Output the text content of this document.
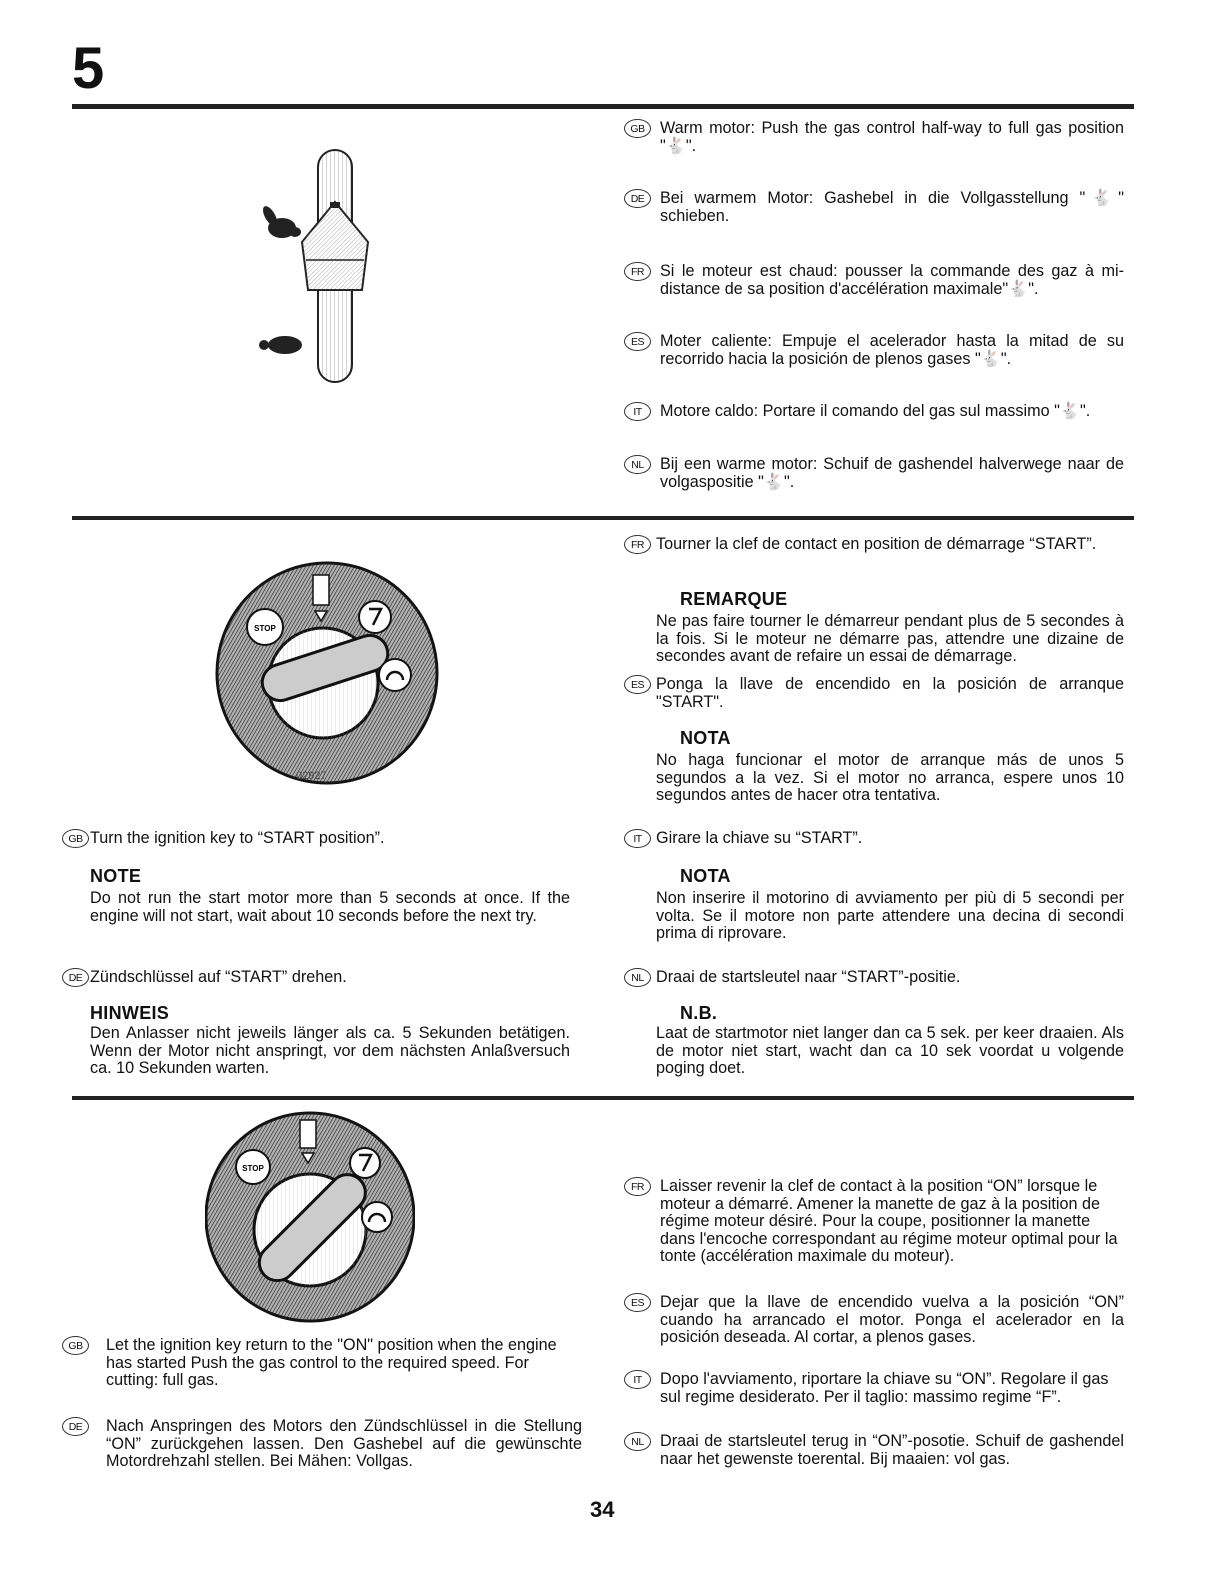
5
GB Warm motor: Push the gas control half-way to full gas position "🐇".
DE Bei warmem Motor: Gashebel in die Vollgasstellung "🐇" schieben.
FR Si le moteur est chaud: pousser la commande des gaz à mi-distance de sa position d'accélération maximale"🐇".
ES Moter caliente: Empuje el acelerador hasta la mitad de su recorrido hacia la posición de plenos gases "🐇".
IT	Motore caldo: Portare il comando del gas sul massimo "🐇".
NL	Bij een warme motor: Schuif de gashendel halverwege naar de volgaspositie "🐇".
STOP
02927
GB Turn the ignition key to “START position”.
NOTE
Do not run the start motor more than 5 seconds at once. If the engine will not start, wait about 10 seconds before the next try.
DE Zündschlüssel auf “START” drehen.
HINWEIS
Den Anlasser nicht jeweils länger als ca. 5 Sekunden betätigen. Wenn der Motor nicht anspringt, vor dem nächsten Anlaßversuch ca. 10 Sekunden warten.
FR Tourner la clef de contact en position de démarrage “START”.
REMARQUE
Ne pas faire tourner le démarreur pendant plus de 5 secondes à la fois. Si le moteur ne démarre pas, attendre une dizaine de secondes avant de refaire un essai de démarrage.
ES Ponga la llave de encendido en la posición de arranque "START".
NOTA
No haga funcionar el motor de arranque más de unos 5 segundos a la vez. Si el motor no arranca, espere unos 10 segundos antes de hacer otra tentativa.
IT Girare la chiave su “START”.
NOTA
Non inserire il motorino di avviamento per più di 5 secondi per volta. Se il motore non parte attendere una decina di secondi prima di riprovare.
NL Draai de startsleutel naar “START”-positie.
N.B.
Laat de startmotor niet langer dan ca 5 sek. per keer draaien. Als de motor niet start, wacht dan ca 10 sek voordat u volgende poging doet.
STOP
GB	Let the ignition key return to the "ON" position when the engine has started Push the gas control to the required speed. For cutting: full gas.
DE	Nach Anspringen des Motors den Zündschlüssel in die Stellung “ON” zurückgehen lassen. Den Gashebel auf die gewünschte Motordrehzahl stellen. Bei Mähen: Vollgas.
FR Laisser revenir la clef de contact à la position “ON” lorsque le moteur a démarré. Amener la manette de gaz à la position de régime moteur désiré. Pour la coupe, positionner la manette dans l'encoche correspondant au régime moteur optimal pour la tonte (accélération maximale du moteur).
ES Dejar que la llave de encendido vuelva a la posición “ON” cuando ha arrancado el motor. Ponga el acelerador en la posición deseada. Al cortar, a plenos gases.
IT	Dopo l'avviamento, riportare la chiave su “ON”. Regolare il gas sul regime desiderato. Per il taglio: massimo regime “F”.
NL	Draai de startsleutel terug in “ON”-posotie. Schuif de gashendel naar het gewenste toerental. Bij maaien: vol gas.
34
